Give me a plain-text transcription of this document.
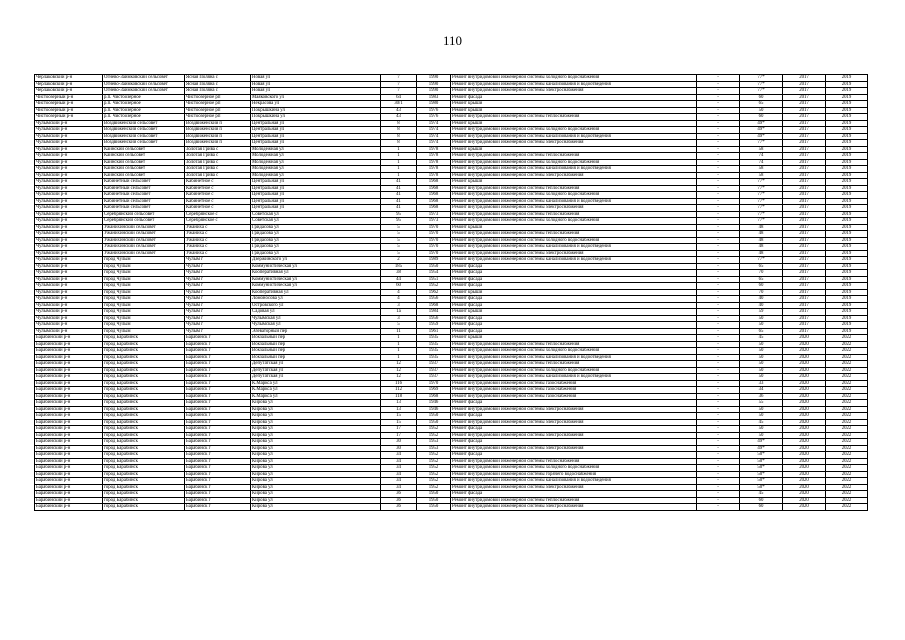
110
Черлаковский р-н	Огнево-Заимковский сельсовет	Ясная Поляна с	Новая ул	7	1990	Ремонт внутридомовой инженерной системы холодного водоснабжения	-	77*	2017	2019
Черлаковский р-н	Огнево-Заимковский сельсовет	Ясная Поляна с	Новая ул	7	1990	Ремонт внутридомовой инженерной системы канализования и водоотведения	-	77*	2017	2019
Черлаковский р-н	Огнево-Заимковский сельсовет	Ясная Поляна с	Новая ул	7	1990	Ремонт внутридомовой инженерной системы электроснабжения	-	77*	2017	2019
Чистоозерный р-н	р.п. Чистоозерное	Чистоозерное рп	Маяковского ул	64	1983	Ремонт фасада	-	60	2017	2019
Чистоозерный р-н	р.п. Чистоозерное	Чистоозерное рп	Некрасова ул	30/1	1980	Ремонт крыши	-	65	2017	2019
Чистоозерный р-н	р.п. Чистоозерное	Чистоозерное рп	Покрышкина ул	43	1976	Ремонт крыши	-	50	2017	2019
Чистоозерный р-н	р.п. Чистоозерное	Чистоозерное рп	Покрышкина ул	43	1976	Ремонт внутридомовой инженерной системы теплоснабжения	-	60	2017	2019
Чулымский р-н	Воздвиженский сельсовет	Воздвиженский п	Центральная ул	8	1974	Ремонт крыши	-	49*	2017	2019
Чулымский р-н	Воздвиженский сельсовет	Воздвиженский п	Центральная ул	8	1974	Ремонт внутридомовой инженерной системы холодного водоснабжения	-	49*	2017	2019
Чулымский р-н	Воздвиженский сельсовет	Воздвиженский п	Центральная ул	8	1974	Ремонт внутридомовой инженерной системы канализования и водоотведения	-	49*	2017	2019
Чулымский р-н	Воздвиженский сельсовет	Воздвиженский п	Центральная ул	8	1974	Ремонт внутридомовой инженерной системы электроснабжения	-	77*	2017	2019
Чулымский р-н	Каинский сельсовет	Золотая Грива с	Молодежная ул	1	1978	Ремонт крыши	-	58	2017	2019
Чулымский р-н	Каинский сельсовет	Золотая Грива с	Молодежная ул	1	1978	Ремонт внутридомовой инженерной системы теплоснабжения	-	74	2017	2019
Чулымский р-н	Каинский сельсовет	Золотая Грива с	Молодежная ул	1	1978	Ремонт внутридомовой инженерной системы холодного водоснабжения	-	74	2017	2019
Чулымский р-н	Каинский сельсовет	Золотая Грива с	Молодежная ул	1	1978	Ремонт внутридомовой инженерной системы канализования и водоотведения	-	58	2017	2019
Чулымский р-н	Каинский сельсовет	Золотая Грива с	Молодежная ул	1	1978	Ремонт внутридомовой инженерной системы электроснабжения	-	58	2017	2019
Чулымский р-н	Кабинетный сельсовет	Кабинетное с	Центральная ул	41	1968	Ремонт крыши	-	77*	2017	2019
Чулымский р-н	Кабинетный сельсовет	Кабинетное с	Центральная ул	41	1968	Ремонт внутридомовой инженерной системы теплоснабжения	-	77*	2017	2019
Чулымский р-н	Кабинетный сельсовет	Кабинетное с	Центральная ул	41	1968	Ремонт внутридомовой инженерной системы холодного водоснабжения	-	77*	2017	2019
Чулымский р-н	Кабинетный сельсовет	Кабинетное с	Центральная ул	41	1968	Ремонт внутридомовой инженерной системы канализования и водоотведения	-	77*	2017	2019
Чулымский р-н	Кабинетный сельсовет	Кабинетное с	Центральная ул	41	1968	Ремонт внутридомовой инженерной системы электроснабжения	-	77*	2017	2019
Чулымский р-н	Серебрянский сельсовет	Серебрянское с	Советская ул	95	1973	Ремонт внутридомовой инженерной системы теплоснабжения	-	77*	2017	2019
Чулымский р-н	Серебрянский сельсовет	Серебрянское с	Советская ул	95	1973	Ремонт внутридомовой инженерной системы холодного водоснабжения	-	77*	2017	2019
Чулымский р-н	Ужанихинский сельсовет	Ужаниха с	Гридасова ул	5	1970	Ремонт крыши	-	48	2017	2019
Чулымский р-н	Ужанихинский сельсовет	Ужаниха с	Гридасова ул	5	1970	Ремонт внутридомовой инженерной системы теплоснабжения	-	48	2017	2019
Чулымский р-н	Ужанихинский сельсовет	Ужаниха с	Гридасова ул	5	1970	Ремонт внутридомовой инженерной системы холодного водоснабжения	-	48	2017	2019
Чулымский р-н	Ужанихинский сельсовет	Ужаниха с	Гридасова ул	5	1970	Ремонт внутридомовой инженерной системы канализования и водоотведения	-	48	2017	2019
Чулымский р-н	Ужанихинский сельсовет	Ужаниха с	Гридасова ул	5	1970	Ремонт внутридомовой инженерной системы электроснабжения	-	48	2017	2019
Чулымский р-н	город Чулым	Чулым г	Дзержинского ул	2	1989	Ремонт внутридомовой инженерной системы канализования и водоотведения	-	77*	2017	2019
Чулымский р-н	город Чулым	Чулым г	Коммунистическая ул	185	1950	Ремонт фасада	-	65	2017	2019
Чулымский р-н	город Чулым	Чулым г	Кооперативная ул	38	1954	Ремонт фасада	-	70	2017	2019
Чулымский р-н	город Чулым	Чулым г	Коммунистическая ул	44	1951	Ремонт фасада	-	65	2017	2019
Чулымский р-н	город Чулым	Чулым г	Коммунистическая ул	60	1952	Ремонт фасада	-	60	2017	2019
Чулымский р-н	город Чулым	Чулым г	Кооперативная ул	4	1962	Ремонт крыши	-	70	2017	2019
Чулымский р-н	город Чулым	Чулым г	Ломоносова ул	4	1956	Ремонт фасада	-	40	2017	2019
Чулымский р-н	город Чулым	Чулым г	Островского ул	3	1968	Ремонт фасада	-	40	2017	2019
Чулымский р-н	город Чулым	Чулым г	Садовая ул	1а	1984	Ремонт крыши	-	59	2017	2019
Чулымский р-н	город Чулым	Чулым г	Чулымская ул	3	1956	Ремонт фасада	-	50	2017	2019
Чулымский р-н	город Чулым	Чулым г	Чулымская ул	5	1959	Ремонт фасада	-	50	2017	2019
Чулымский р-н	город Чулым	Чулым г	Элеваторный пер	11	1961	Ремонт фасада	-	65	2017	2019
Барабинский р-н	город Барабинск	Барабинск г	Вокзальный пер	1	1935	Ремонт крыши	-	45	2020	2022
Барабинский р-н	город Барабинск	Барабинск г	Вокзальный пер	1	1935	Ремонт внутридомовой инженерной системы теплоснабжения	-	50	2020	2022
Барабинский р-н	город Барабинск	Барабинск г	Вокзальный пер	1	1935	Ремонт внутридомовой инженерной системы холодного водоснабжения	-	50	2020	2022
Барабинский р-н	город Барабинск	Барабинск г	Вокзальный пер	1	1935	Ремонт внутридомовой инженерной системы канализования и водоотведения	-	50	2020	2022
Барабинский р-н	город Барабинск	Барабинск г	Депутатская ул	12	1937	Ремонт внутридомовой инженерной системы теплоснабжения	-	50	2020	2022
Барабинский р-н	город Барабинск	Барабинск г	Депутатская ул	12	1937	Ремонт внутридомовой инженерной системы холодного водоснабжения	-	50	2020	2022
Барабинский р-н	город Барабинск	Барабинск г	Депутатская ул	12	1937	Ремонт внутридомовой инженерной системы канализования и водоотведения	-	50	2020	2022
Барабинский р-н	город Барабинск	Барабинск г	К.Маркса ул	116	1970	Ремонт внутридомовой инженерной системы газоснабжения	-	33	2020	2022
Барабинский р-н	город Барабинск	Барабинск г	К.Маркса ул	112	1969	Ремонт внутридомовой инженерной системы газоснабжения	-	34	2020	2022
Барабинский р-н	город Барабинск	Барабинск г	К.Маркса ул	118	1968	Ремонт внутридомовой инженерной системы газоснабжения	-	36	2020	2022
Барабинский р-н	город Барабинск	Барабинск г	Кирова ул	13	1946	Ремонт фасада	-	55	2020	2022
Барабинский р-н	город Барабинск	Барабинск г	Кирова ул	13	1946	Ремонт внутридомовой инженерной системы электроснабжения	-	50	2020	2022
Барабинский р-н	город Барабинск	Барабинск г	Кирова ул	15	1950	Ремонт фасада	-	50	2020	2022
Барабинский р-н	город Барабинск	Барабинск г	Кирова ул	15	1950	Ремонт внутридомовой инженерной системы электроснабжения	-	45	2020	2022
Барабинский р-н	город Барабинск	Барабинск г	Кирова ул	17	1952	Ремонт фасада	-	50	2020	2022
Барабинский р-н	город Барабинск	Барабинск г	Кирова ул	17	1952	Ремонт внутридомовой инженерной системы электроснабжения	-	50	2020	2022
Барабинский р-н	город Барабинск	Барабинск г	Кирова ул	30	1953	Ремонт фасада	-	49*	2020	2022
Барабинский р-н	город Барабинск	Барабинск г	Кирова ул	30	1953	Ремонт внутридомовой инженерной системы электроснабжения	-	49*	2020	2022
Барабинский р-н	город Барабинск	Барабинск г	Кирова ул	34	1952	Ремонт фасада	-	50*	2020	2022
Барабинский р-н	город Барабинск	Барабинск г	Кирова ул	34	1952	Ремонт внутридомовой инженерной системы теплоснабжения	-	50*	2020	2022
Барабинский р-н	город Барабинск	Барабинск г	Кирова ул	34	1952	Ремонт внутридомовой инженерной системы холодного водоснабжения	-	50*	2020	2022
Барабинский р-н	город Барабинск	Барабинск г	Кирова ул	34	1952	Ремонт внутридомовой инженерной системы горячего водоснабжения	-	50*	2020	2022
Барабинский р-н	город Барабинск	Барабинск г	Кирова ул	34	1952	Ремонт внутридомовой инженерной системы канализования и водоотведения	-	50*	2020	2022
Барабинский р-н	город Барабинск	Барабинск г	Кирова ул	34	1952	Ремонт внутридомовой инженерной системы электроснабжения	-	50*	2020	2022
Барабинский р-н	город Барабинск	Барабинск г	Кирова ул	36	1950	Ремонт фасада	-	45	2020	2022
Барабинский р-н	город Барабинск	Барабинск г	Кирова ул	36	1950	Ремонт внутридомовой инженерной системы теплоснабжения	-	60	2020	2022
Барабинский р-н	город Барабинск	Барабинск г	Кирова ул	36	1950	Ремонт внутридомовой инженерной системы электроснабжения	-	60	2020	2022
